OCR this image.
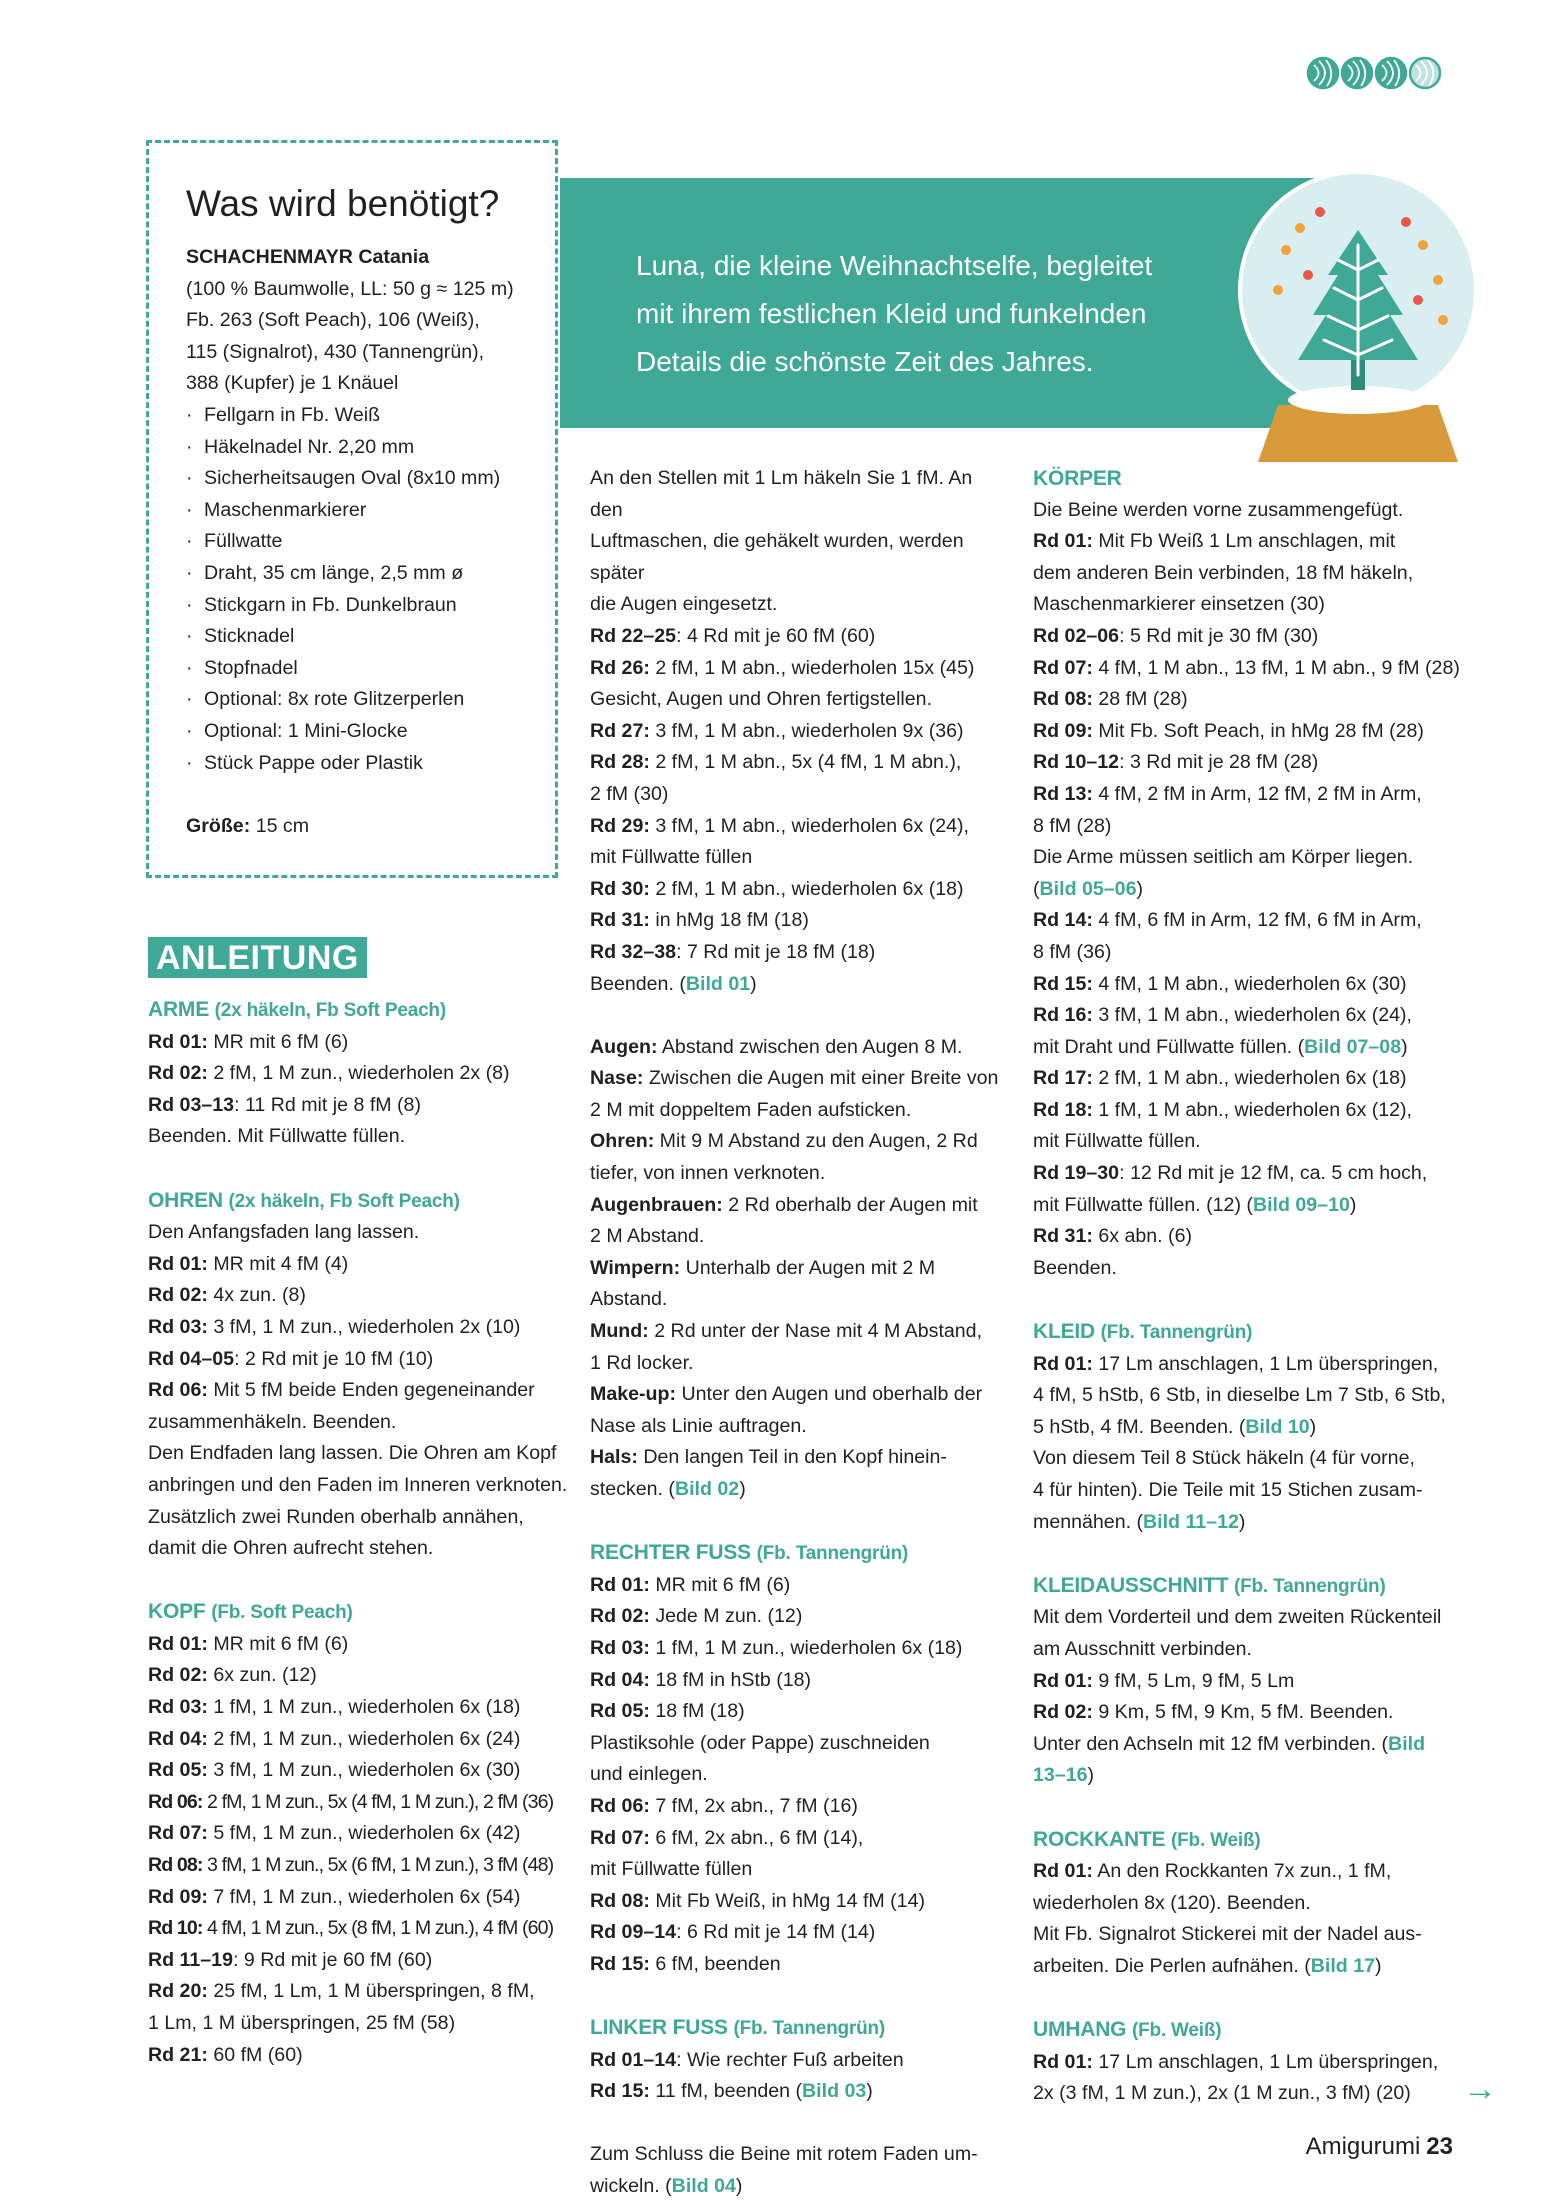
Was wird benötigt?

SCHACHENMAYR Catania

(100 % Baumwolle, LL: 50 g ≈ 125 m)

Fb. 263 (Soft Peach), 106 (Weiß),

115 (Signalrot), 430 (Tannengrün),

388 (Kupfer) je 1 Knäuel

· Fellgarn in Fb. Weiß

· Häkelnadel Nr. 2,20 mm

· Sicherheitsaugen Oval (8x10 mm)

· Maschenmarkierer

· Füllwatte

· Draht, 35 cm länge, 2,5 mm ø

· Stickgarn in Fb. Dunkelbraun

· Sticknadel

· Stopfnadel

· Optional: 8x rote Glitzerperlen

· Optional: 1 Mini-Glocke

· Stück Pappe oder Plastik

Größe: 15 cm

Luna, die kleine Weihnachtselfe, begleitet
mit ihrem festlichen Kleid und funkelnden
Details die schönste Zeit des Jahres.
ANLEITUNG

ARME (2x häkeln, Fb Soft Peach)

Rd 01: MR mit 6 fM (6)

Rd 02: 2 fM, 1 M zun., wiederholen 2x (8)

Rd 03–13: 11 Rd mit je 8 fM (8)

Beenden. Mit Füllwatte füllen.

OHREN (2x häkeln, Fb Soft Peach)

Den Anfangsfaden lang lassen.

Rd 01: MR mit 4 fM (4)

Rd 02: 4x zun. (8)

Rd 03: 3 fM, 1 M zun., wiederholen 2x (10)

Rd 04–05: 2 Rd mit je 10 fM (10)

Rd 06: Mit 5 fM beide Enden gegeneinander

zusammenhäkeln. Beenden.

Den Endfaden lang lassen. Die Ohren am Kopf

anbringen und den Faden im Inneren verknoten.

Zusätzlich zwei Runden oberhalb annähen,

damit die Ohren aufrecht stehen.

KOPF (Fb. Soft Peach)

Rd 01: MR mit 6 fM (6)

Rd 02: 6x zun. (12)

Rd 03: 1 fM, 1 M zun., wiederholen 6x (18)

Rd 04: 2 fM, 1 M zun., wiederholen 6x (24)

Rd 05: 3 fM, 1 M zun., wiederholen 6x (30)

Rd 06: 2 fM, 1 M zun., 5x (4 fM, 1 M zun.), 2 fM (36)

Rd 07: 5 fM, 1 M zun., wiederholen 6x (42)

Rd 08: 3 fM, 1 M zun., 5x (6 fM, 1 M zun.), 3 fM (48)

Rd 09: 7 fM, 1 M zun., wiederholen 6x (54)

Rd 10: 4 fM, 1 M zun., 5x (8 fM, 1 M zun.), 4 fM (60)

Rd 11–19: 9 Rd mit je 60 fM (60)

Rd 20: 25 fM, 1 Lm, 1 M überspringen, 8 fM,

1 Lm, 1 M überspringen, 25 fM (58)

Rd 21: 60 fM (60)

An den Stellen mit 1 Lm häkeln Sie 1 fM. An den

Luftmaschen, die gehäkelt wurden, werden später

die Augen eingesetzt.

Rd 22–25: 4 Rd mit je 60 fM (60)

Rd 26: 2 fM, 1 M abn., wiederholen 15x (45)

Gesicht, Augen und Ohren fertigstellen.

Rd 27: 3 fM, 1 M abn., wiederholen 9x (36)

Rd 28: 2 fM, 1 M abn., 5x (4 fM, 1 M abn.),

2 fM (30)

Rd 29: 3 fM, 1 M abn., wiederholen 6x (24),

mit Füllwatte füllen

Rd 30: 2 fM, 1 M abn., wiederholen 6x (18)

Rd 31: in hMg 18 fM (18)

Rd 32–38: 7 Rd mit je 18 fM (18)

Beenden. (Bild 01)

Augen: Abstand zwischen den Augen 8 M.

Nase: Zwischen die Augen mit einer Breite von

2 M mit doppeltem Faden aufsticken.

Ohren: Mit 9 M Abstand zu den Augen, 2 Rd

tiefer, von innen verknoten.

Augenbrauen: 2 Rd oberhalb der Augen mit

2 M Abstand.

Wimpern: Unterhalb der Augen mit 2 M Abstand.

Mund: 2 Rd unter der Nase mit 4 M Abstand,

1 Rd locker.

Make-up: Unter den Augen und oberhalb der

Nase als Linie auftragen.

Hals: Den langen Teil in den Kopf hinein-

stecken. (Bild 02)

RECHTER FUSS (Fb. Tannengrün)

Rd 01: MR mit 6 fM (6)

Rd 02: Jede M zun. (12)

Rd 03: 1 fM, 1 M zun., wiederholen 6x (18)

Rd 04: 18 fM in hStb (18)

Rd 05: 18 fM (18)

Plastiksohle (oder Pappe) zuschneiden

und einlegen.

Rd 06: 7 fM, 2x abn., 7 fM (16)

Rd 07: 6 fM, 2x abn., 6 fM (14),

mit Füllwatte füllen

Rd 08: Mit Fb Weiß, in hMg 14 fM (14)

Rd 09–14: 6 Rd mit je 14 fM (14)

Rd 15: 6 fM, beenden

LINKER FUSS (Fb. Tannengrün)

Rd 01–14: Wie rechter Fuß arbeiten

Rd 15: 11 fM, beenden (Bild 03)

Zum Schluss die Beine mit rotem Faden um-

wickeln. (Bild 04)

KÖRPER

Die Beine werden vorne zusammengefügt.

Rd 01: Mit Fb Weiß 1 Lm anschlagen, mit

dem anderen Bein verbinden, 18 fM häkeln,

Maschenmarkierer einsetzen (30)

Rd 02–06: 5 Rd mit je 30 fM (30)

Rd 07: 4 fM, 1 M abn., 13 fM, 1 M abn., 9 fM (28)

Rd 08: 28 fM (28)

Rd 09: Mit Fb. Soft Peach, in hMg 28 fM (28)

Rd 10–12: 3 Rd mit je 28 fM (28)

Rd 13: 4 fM, 2 fM in Arm, 12 fM, 2 fM in Arm,

8 fM (28)

Die Arme müssen seitlich am Körper liegen.

(Bild 05–06)

Rd 14: 4 fM, 6 fM in Arm, 12 fM, 6 fM in Arm,

8 fM (36)

Rd 15: 4 fM, 1 M abn., wiederholen 6x (30)

Rd 16: 3 fM, 1 M abn., wiederholen 6x (24),

mit Draht und Füllwatte füllen. (Bild 07–08)

Rd 17: 2 fM, 1 M abn., wiederholen 6x (18)

Rd 18: 1 fM, 1 M abn., wiederholen 6x (12),

mit Füllwatte füllen.

Rd 19–30: 12 Rd mit je 12 fM, ca. 5 cm hoch,

mit Füllwatte füllen. (12) (Bild 09–10)

Rd 31: 6x abn. (6)

Beenden.

KLEID (Fb. Tannengrün)

Rd 01: 17 Lm anschlagen, 1 Lm überspringen,

4 fM, 5 hStb, 6 Stb, in dieselbe Lm 7 Stb, 6 Stb,

5 hStb, 4 fM. Beenden. (Bild 10)

Von diesem Teil 8 Stück häkeln (4 für vorne,

4 für hinten). Die Teile mit 15 Stichen zusam-

mennähen. (Bild 11–12)

KLEIDAUSSCHNITT (Fb. Tannengrün)

Mit dem Vorderteil und dem zweiten Rückenteil

am Ausschnitt verbinden.

Rd 01: 9 fM, 5 Lm, 9 fM, 5 Lm

Rd 02: 9 Km, 5 fM, 9 Km, 5 fM. Beenden.

Unter den Achseln mit 12 fM verbinden. (Bild

13–16)

ROCKKANTE (Fb. Weiß)

Rd 01: An den Rockkanten 7x zun., 1 fM,

wiederholen 8x (120). Beenden.

Mit Fb. Signalrot Stickerei mit der Nadel aus-

arbeiten. Die Perlen aufnähen. (Bild 17)

UMHANG (Fb. Weiß)

Rd 01: 17 Lm anschlagen, 1 Lm überspringen,

2x (3 fM, 1 M zun.), 2x (1 M zun., 3 fM) (20)	→
Amigurumi 23
